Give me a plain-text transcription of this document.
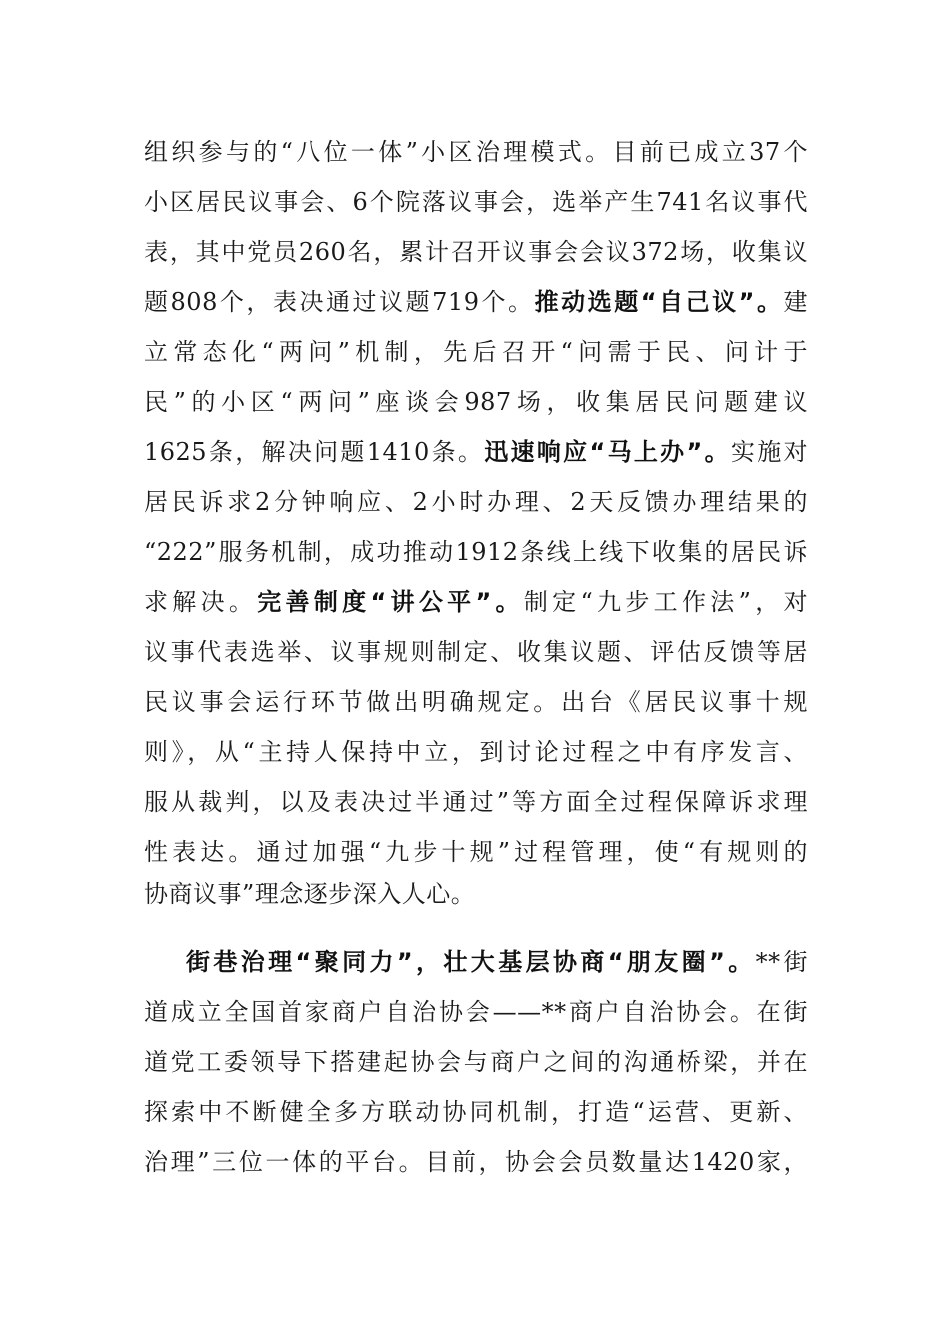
组织参与的“八位一体”小区治理模式。目前已成立37个
小区居民议事会、6个院落议事会，选举产生741名议事代
表，其中党员260名，累计召开议事会会议372场，收集议
题808个，表决通过议题719个。推动选题“自己议”。建
立常态化“两问”机制，先后召开“问需于民、问计于
民”的小区“两问”座谈会987场，收集居民问题建议
1625条，解决问题1410条。迅速响应“马上办”。实施对
居民诉求2分钟响应、2小时办理、2天反馈办理结果的
“222”服务机制，成功推动1912条线上线下收集的居民诉
求解决。完善制度“讲公平”。制定“九步工作法”，对
议事代表选举、议事规则制定、收集议题、评估反馈等居
民议事会运行环节做出明确规定。出台《居民议事十规
则》，从“主持人保持中立，到讨论过程之中有序发言、
服从裁判，以及表决过半通过”等方面全过程保障诉求理
性表达。通过加强“九步十规”过程管理，使“有规则的
协商议事”理念逐步深入人心。
街巷治理“聚同力”，壮大基层协商“朋友圈”。**街
道成立全国首家商户自治协会——**商户自治协会。在街
道党工委领导下搭建起协会与商户之间的沟通桥梁，并在
探索中不断健全多方联动协同机制，打造“运营、更新、
治理”三位一体的平台。目前，协会会员数量达1420家，
